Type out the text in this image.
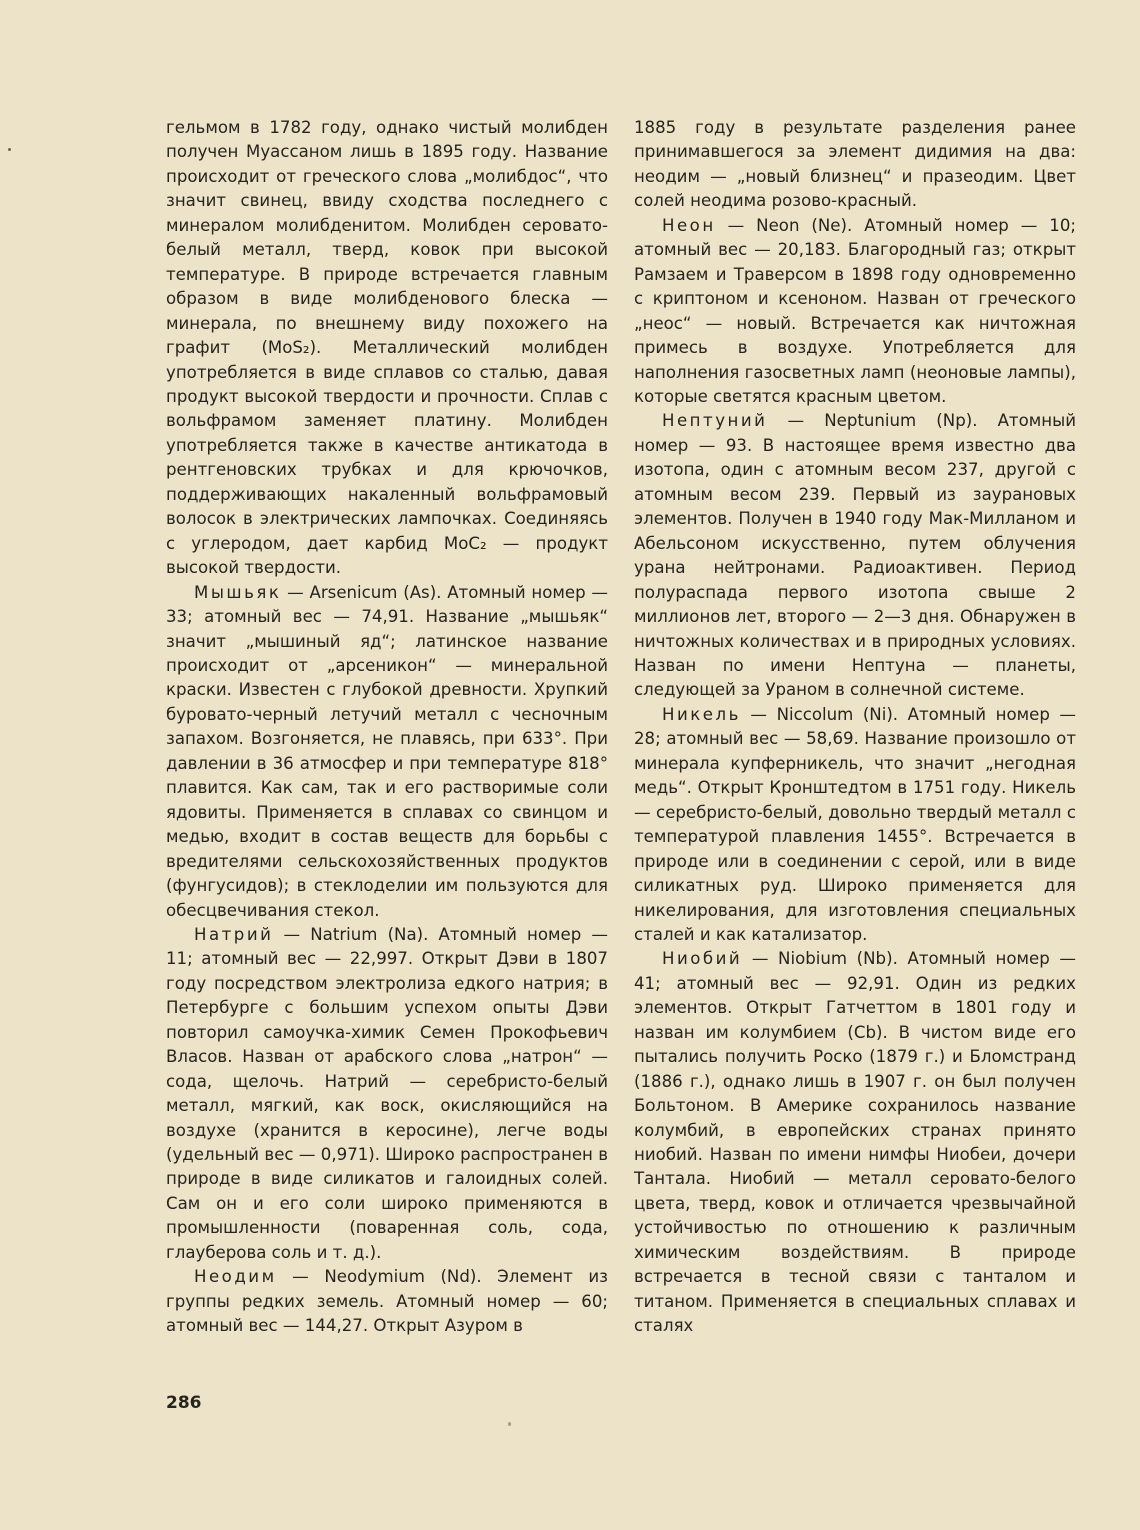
гельмом в 1782 году, однако чистый молибден получен Муассаном лишь в 1895 году. Название происходит от греческого слова „молибдос“, что значит свинец, ввиду сходства последнего с минералом молибденитом. Молибден серовато-белый металл, тверд, ковок при высокой температуре. В природе встречается главным образом в виде молибденового блеска — минерала, по внешнему виду похожего на графит (MoS₂). Металлический молибден употребляется в виде сплавов со сталью, давая продукт высокой твердости и прочности. Сплав с вольфрамом заменяет платину. Молибден употребляется также в качестве антикатода в рентгеновских трубках и для крючочков, поддерживающих накаленный вольфрамовый волосок в электрических лампочках. Соединяясь с углеродом, дает карбид MoC₂ — продукт высокой твердости.

Мышьяк — Arsenicum (As). Атомный номер — 33; атомный вес — 74,91. Название „мышьяк“ значит „мышиный яд“; латинское название происходит от „арсеникон“ — минеральной краски. Известен с глубокой древности. Хрупкий буровато-черный летучий металл с чесночным запахом. Возгоняется, не плавясь, при 633°. При давлении в 36 атмосфер и при температуре 818° плавится. Как сам, так и его растворимые соли ядовиты. Применяется в сплавах со свинцом и медью, входит в состав веществ для борьбы с вредителями сельскохозяйственных продуктов (фунгусидов); в стеклоделии им пользуются для обесцвечивания стекол.

Натрий — Natrium (Na). Атомный номер — 11; атомный вес — 22,997. Открыт Дэви в 1807 году посредством электролиза едкого натрия; в Петербурге с большим успехом опыты Дэви повторил самоучка-химик Семен Прокофьевич Власов. Назван от арабского слова „натрон“ — сода, щелочь. Натрий — серебристо-белый металл, мягкий, как воск, окисляющийся на воздухе (хранится в керосине), легче воды (удельный вес — 0,971). Широко распространен в природе в виде силикатов и галоидных солей. Сам он и его соли широко применяются в промышленности (поваренная соль, сода, глауберова соль и т. д.).

Неодим — Neodymium (Nd). Элемент из группы редких земель. Атомный номер — 60; атомный вес — 144,27. Открыт Азуром в

1885 году в результате разделения ранее принимавшегося за элемент дидимия на два: неодим — „новый близнец“ и празеодим. Цвет солей неодима розово-красный.

Неон — Neon (Ne). Атомный номер — 10; атомный вес — 20,183. Благородный газ; открыт Рамзаем и Траверсом в 1898 году одновременно с криптоном и ксеноном. Назван от греческого „неос“ — новый. Встречается как ничтожная примесь в воздухе. Употребляется для наполнения газосветных ламп (неоновые лампы), которые светятся красным цветом.

Нептуний — Neptunium (Np). Атомный номер — 93. В настоящее время известно два изотопа, один с атомным весом 237, другой с атомным весом 239. Первый из заурановых элементов. Получен в 1940 году Мак-Милланом и Абельсоном искусственно, путем облучения урана нейтронами. Радиоактивен. Период полураспада первого изотопа свыше 2 миллионов лет, второго — 2—3 дня. Обнаружен в ничтожных количествах и в природных условиях. Назван по имени Нептуна — планеты, следующей за Ураном в солнечной системе.

Никель — Niccolum (Ni). Атомный номер — 28; атомный вес — 58,69. Название произошло от минерала купферникель, что значит „негодная медь“. Открыт Кронштедтом в 1751 году. Никель — серебристо-белый, довольно твердый металл с температурой плавления 1455°. Встречается в природе или в соединении с серой, или в виде силикатных руд. Широко применяется для никелирования, для изготовления специальных сталей и как катализатор.

Ниобий — Niobium (Nb). Атомный номер — 41; атомный вес — 92,91. Один из редких элементов. Открыт Гатчеттом в 1801 году и назван им колумбием (Cb). В чистом виде его пытались получить Роско (1879 г.) и Бломстранд (1886 г.), однако лишь в 1907 г. он был получен Больтоном. В Америке сохранилось название колумбий, в европейских странах принято ниобий. Назван по имени нимфы Ниобеи, дочери Тантала. Ниобий — металл серовато-белого цвета, тверд, ковок и отличается чрезвычайной устойчивостью по отношению к различным химическим воздействиям. В природе встречается в тесной связи с танталом и титаном. Применяется в специальных сплавах и сталях

286
